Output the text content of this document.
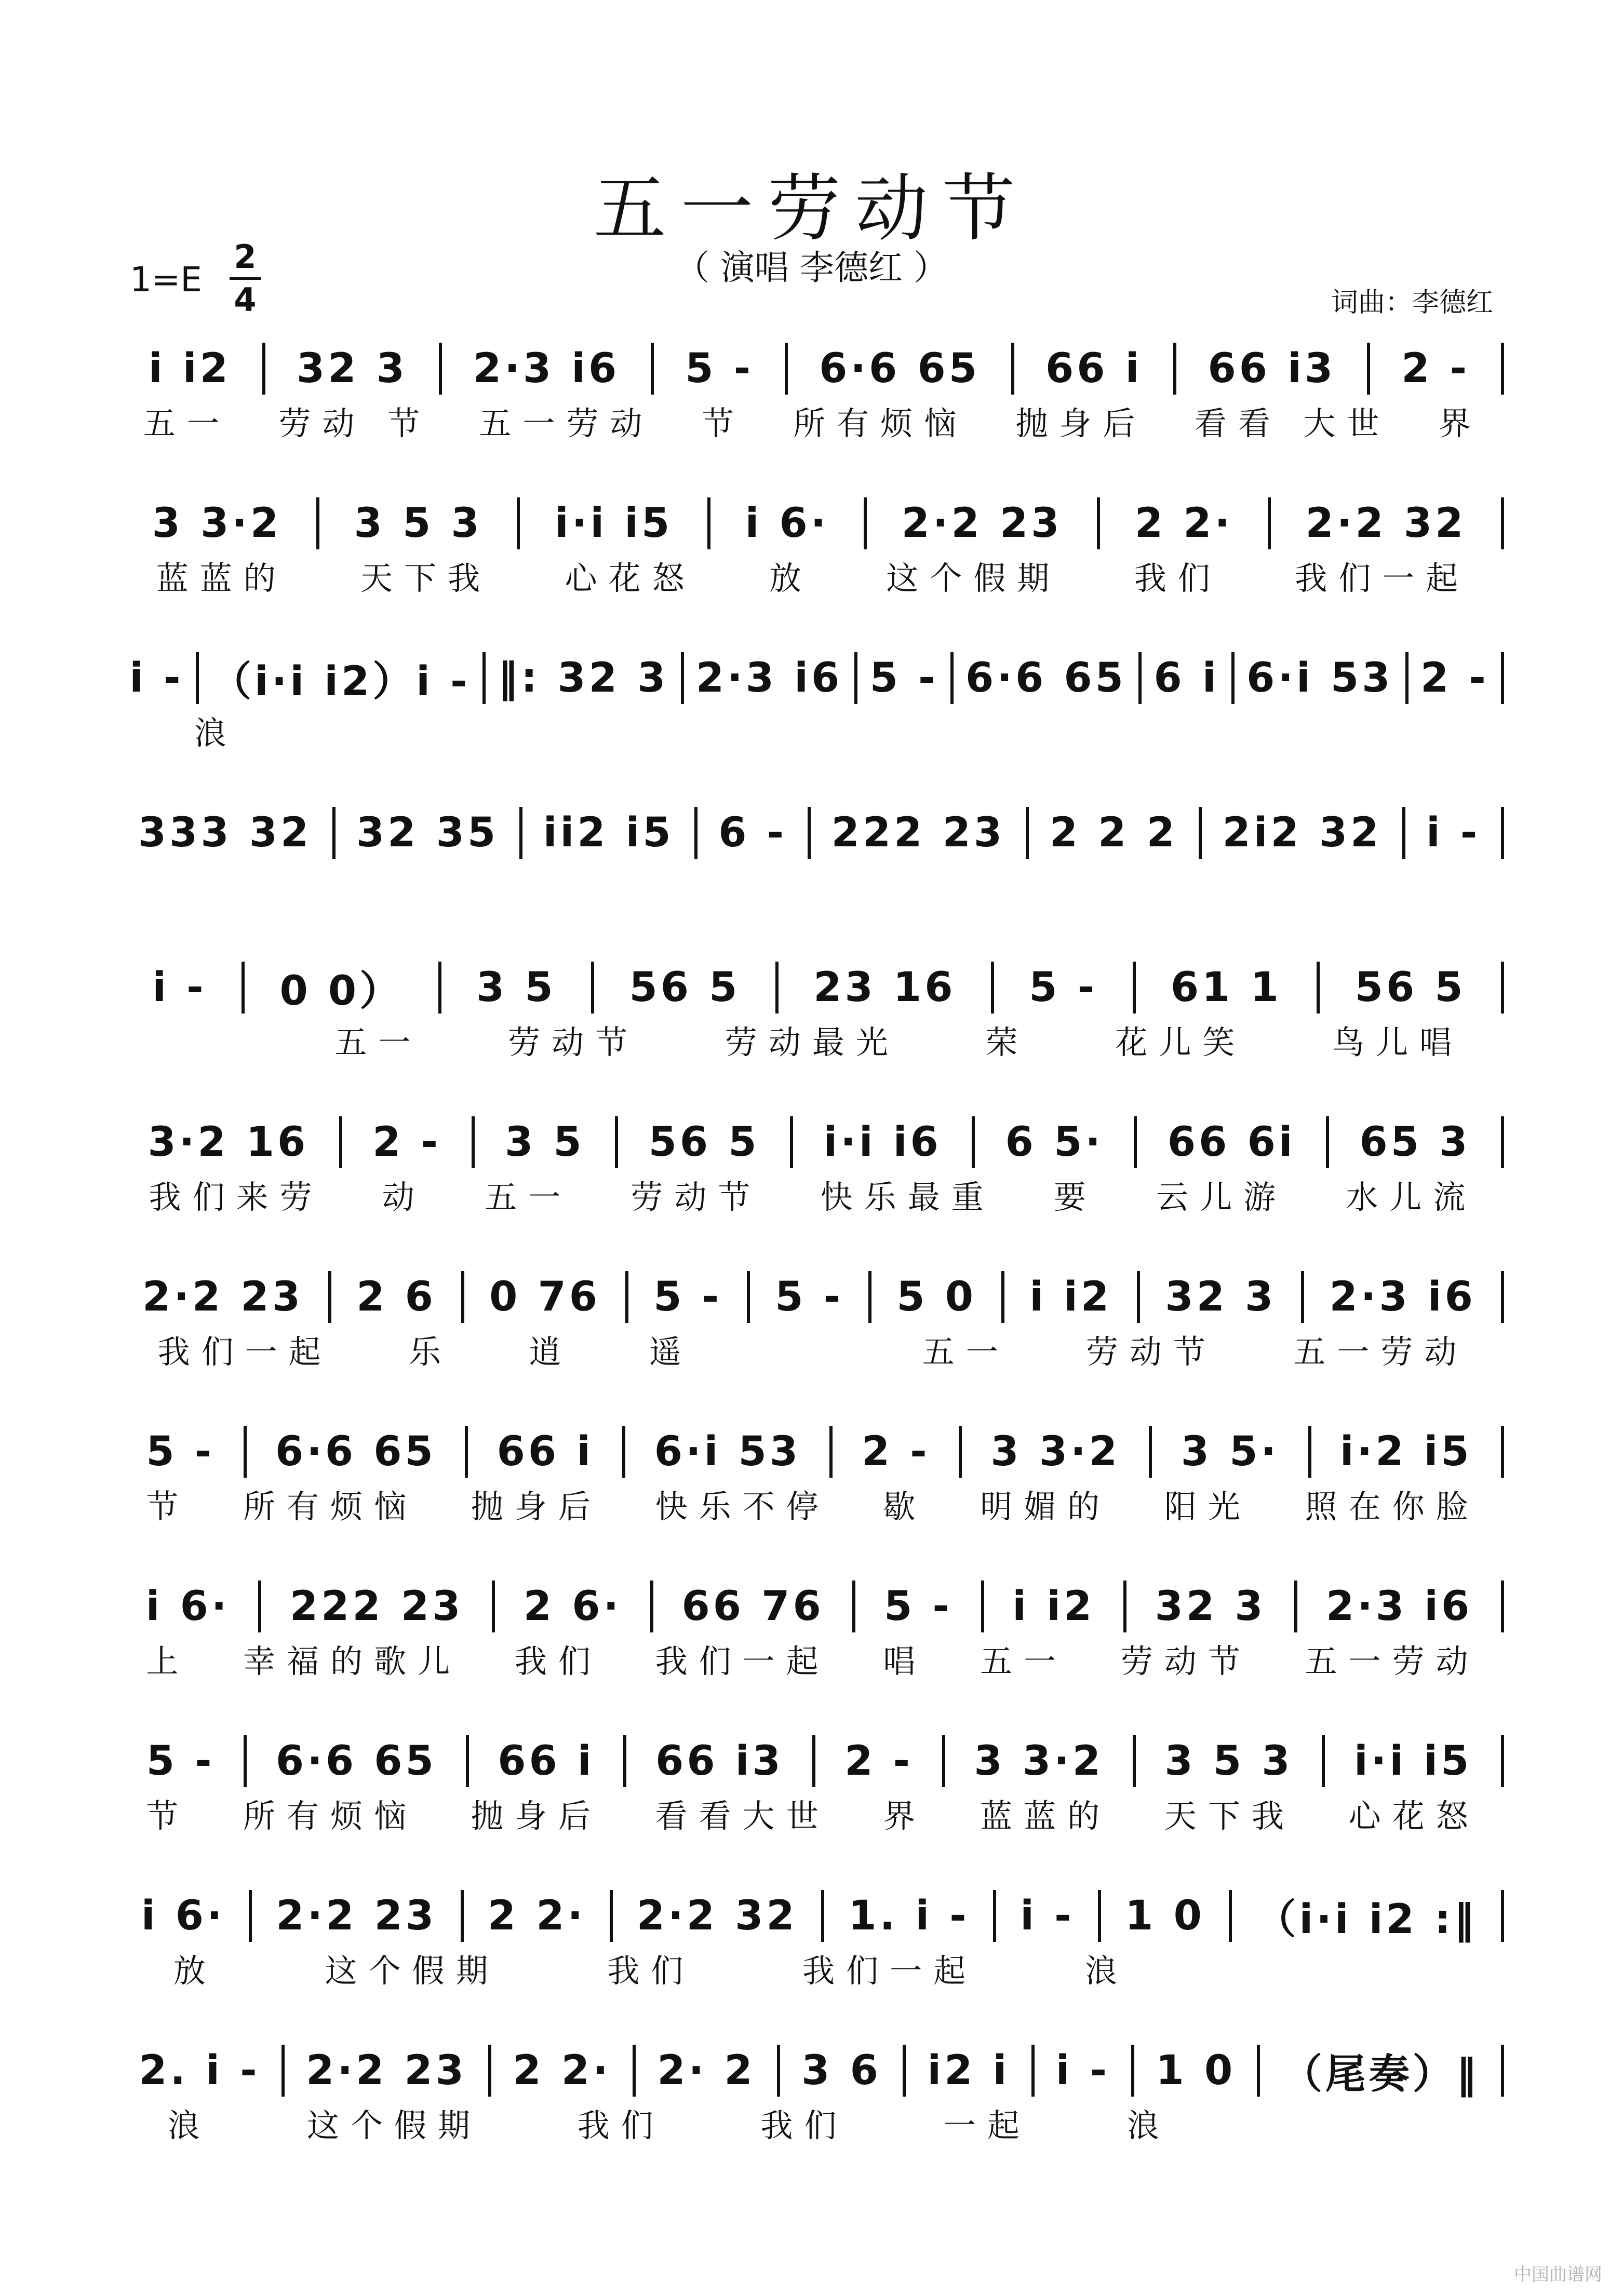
五一劳动节
（ 演唱 李德红 ）
1=E
2
4	词曲：李德红
i i2	32 3	2·3 i6	5 -	6·6 65	66 i	66 i3	2 -
五一	劳动 节	五一劳动	节	所有烦恼	抛身后	看看 大世	界
3 3·2	3 5 3	i·i i5	i 6·	2·2 23	2 2·	2·2 32
蓝蓝的	天下我	心花怒	放	这个假期	我们	我们一起
i - （i·i i2）i - ‖: 32 3 2·3 i6 5 - 6·6 65 6 i 6·i 53 2 -
浪
333 32	32 35	ii2 i5	6 -	222 23	2 2 2	2i2 32	i -
i -	0 0）	3 5	56 5	23 16	5 -	61 1	56 5
五一	劳动节	劳动最光	荣	花儿笑	鸟儿唱
3·2 16	2 -	3 5	56 5	i·i i6	6 5·	66 6i	65 3
我们来劳	动	五一	劳动节	快乐最重	要	云儿游	水儿流
2·2 23	2 6	0 76	5 -	5 -	5 0	i i2	32 3	2·3 i6
我们一起	乐	逍	遥	五一	劳动节	五一劳动
5 -	6·6 65	66 i	6·i 53	2 -	3 3·2	3 5·	i·2 i5
节	所有烦恼	抛身后	快乐不停	歇	明媚的	阳光	照在你脸
i 6·	222 23	2 6·	66 76	5 -	i i2	32 3	2·3 i6
上	幸福的歌儿	我们	我们一起	唱	五一	劳动节	五一劳动
5 -	6·6 65	66 i	66 i3	2 -	3 3·2	3 5 3	i·i i5
节	所有烦恼	抛身后	看看大世	界	蓝蓝的	天下我	心花怒
i 6·	2·2 23	2 2·	2·2 32	1. i -	i -	1 0	（i·i i2 :‖
放	这个假期	我们	我们一起	浪
2. i -	2·2 23	2 2·	2· 2	3 6	i2 i	i -	1 0	（尾奏）‖
浪	这个假期	我们	我们	一起	浪
中国曲谱网
